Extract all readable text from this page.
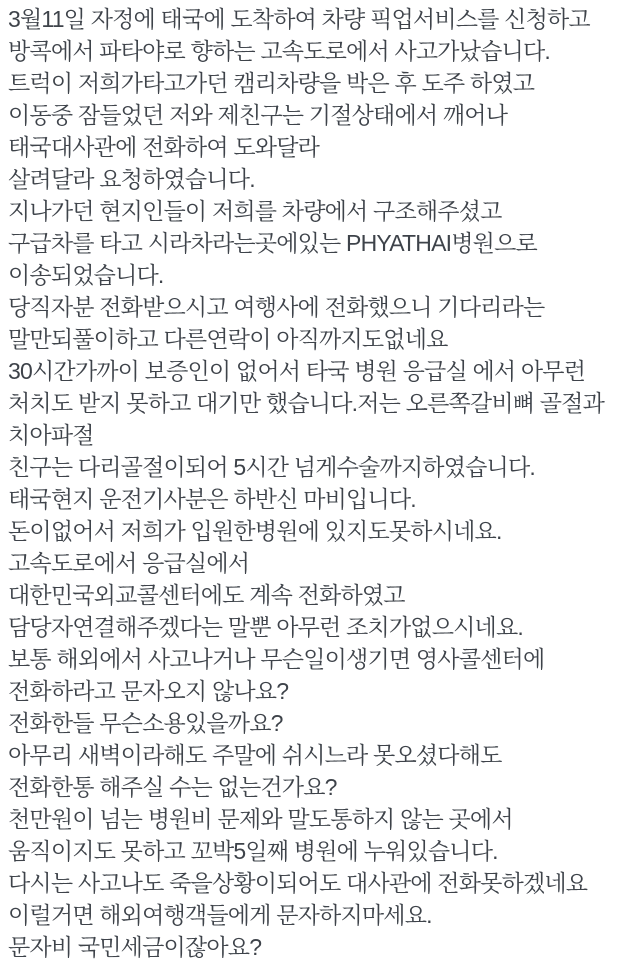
3월11일 자정에 태국에 도착하여 차량 픽업서비스를 신청하고

방콕에서 파타야로 향하는 고속도로에서 사고가났습니다.

트럭이 저희가타고가던 캠리차량을 박은 후 도주 하였고

이동중 잠들었던 저와 제친구는 기절상태에서 깨어나

태국대사관에 전화하여 도와달라

살려달라 요청하였습니다.

지나가던 현지인들이 저희를 차량에서 구조해주셨고

구급차를 타고 시라차라는곳에있는 PHYATHAI병원으로

이송되었습니다.

당직자분 전화받으시고 여행사에 전화했으니 기다리라는

말만되풀이하고 다른연락이 아직까지도없네요

30시간가까이 보증인이 없어서 타국 병원 응급실 에서 아무런

처치도 받지 못하고 대기만 했습니다.저는 오른쪽갈비뼈 골절과

치아파절

친구는 다리골절이되어 5시간 넘게수술까지하였습니다.

태국현지 운전기사분은 하반신 마비입니다.

돈이없어서 저희가 입원한병원에 있지도못하시네요.

고속도로에서 응급실에서

대한민국외교콜센터에도 계속 전화하였고

담당자연결해주겠다는 말뿐 아무런 조치가없으시네요.

보통 해외에서 사고나거나 무슨일이생기면 영사콜센터에

전화하라고 문자오지 않나요?

전화한들 무슨소용있을까요?

아무리 새벽이라해도 주말에 쉬시느라 못오셨다해도

전화한통 해주실 수는 없는건가요?

천만원이 넘는 병원비 문제와 말도통하지 않는 곳에서

움직이지도 못하고 꼬박5일째 병원에 누워있습니다.

다시는 사고나도 죽을상황이되어도 대사관에 전화못하겠네요

이럴거면 해외여행객들에게 문자하지마세요.

문자비 국민세금이잖아요?
